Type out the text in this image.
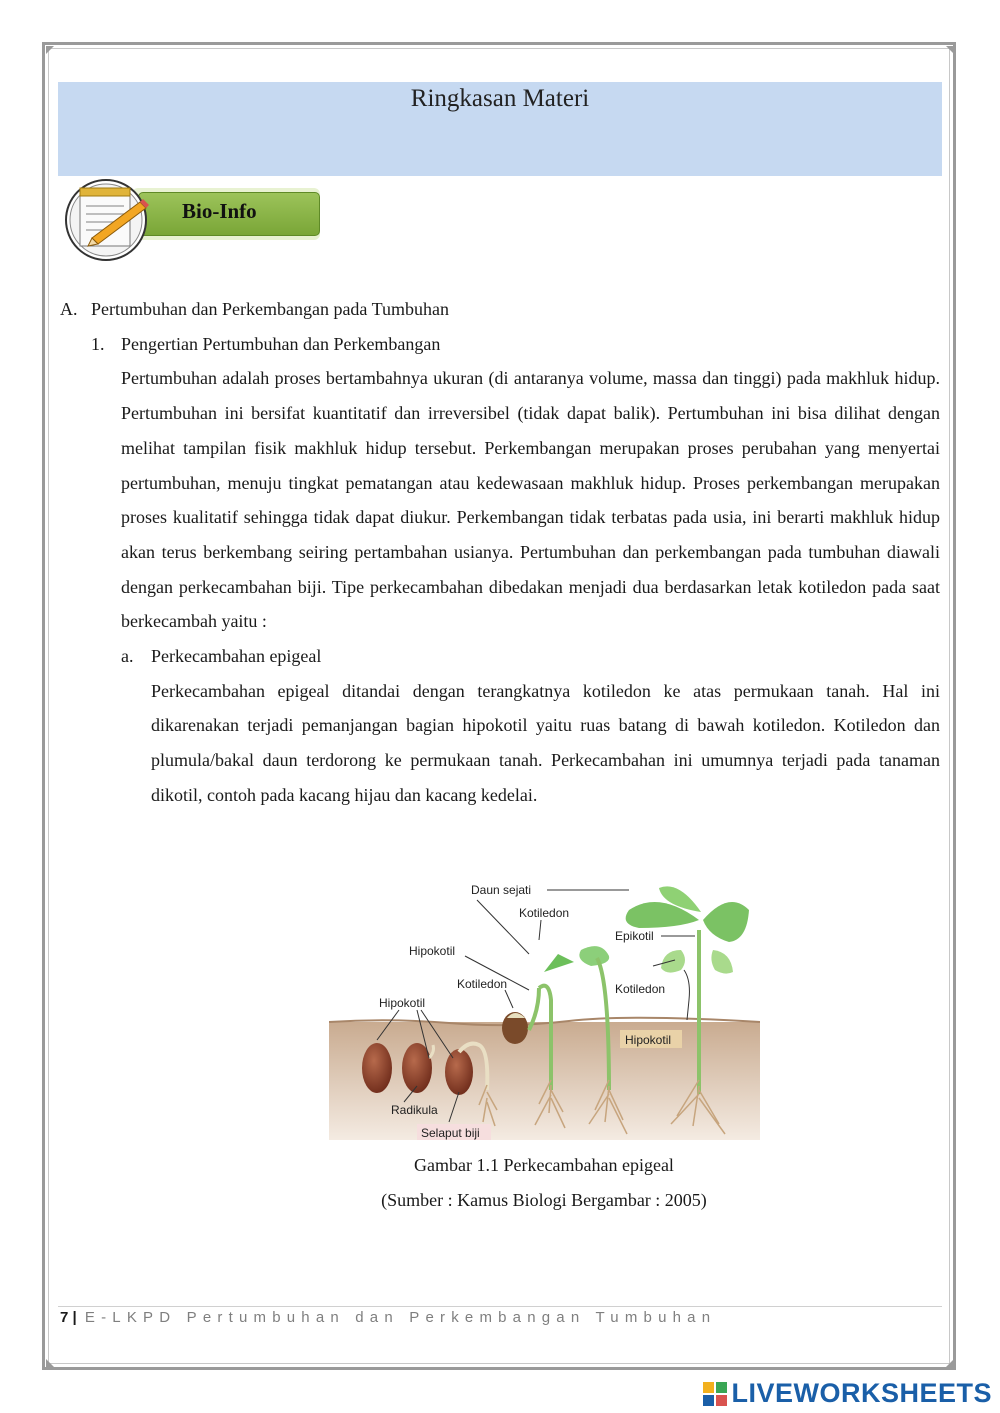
Ringkasan Materi
Bio-Info
A. Pertumbuhan dan Perkembangan pada Tumbuhan
1. Pengertian Pertumbuhan dan Perkembangan
Pertumbuhan adalah proses bertambahnya ukuran (di antaranya volume, massa dan tinggi) pada makhluk hidup. Pertumbuhan ini bersifat kuantitatif dan irreversibel (tidak dapat balik). Pertumbuhan ini bisa dilihat dengan melihat tampilan fisik makhluk hidup tersebut. Perkembangan merupakan proses perubahan yang menyertai pertumbuhan, menuju tingkat pematangan atau kedewasaan makhluk hidup. Proses perkembangan merupakan proses kualitatif sehingga tidak dapat diukur. Perkembangan tidak terbatas pada usia, ini berarti makhluk hidup akan terus berkembang seiring pertambahan usianya. Pertumbuhan dan perkembangan pada tumbuhan diawali dengan perkecambahan biji. Tipe perkecambahan dibedakan menjadi dua berdasarkan letak kotiledon pada saat berkecambah yaitu :
a. Perkecambahan epigeal
Perkecambahan epigeal ditandai dengan terangkatnya kotiledon ke atas permukaan tanah. Hal ini dikarenakan terjadi pemanjangan bagian hipokotil yaitu ruas batang di bawah kotiledon. Kotiledon dan plumula/bakal daun terdorong ke permukaan tanah. Perkecambahan ini umumnya terjadi pada tanaman dikotil, contoh pada kacang hijau dan kacang kedelai.
Daun sejati
Kotiledon
Epikotil
Hipokotil
Kotiledon	Kotiledon
Hipokotil
Hipokotil
Radikula
Selaput biji
Gambar 1.1 Perkecambahan epigeal
(Sumber : Kamus Biologi Bergambar : 2005)
7 | E-LKPD Pertumbuhan dan Perkembangan Tumbuhan
LIVEWORKSHEETS
